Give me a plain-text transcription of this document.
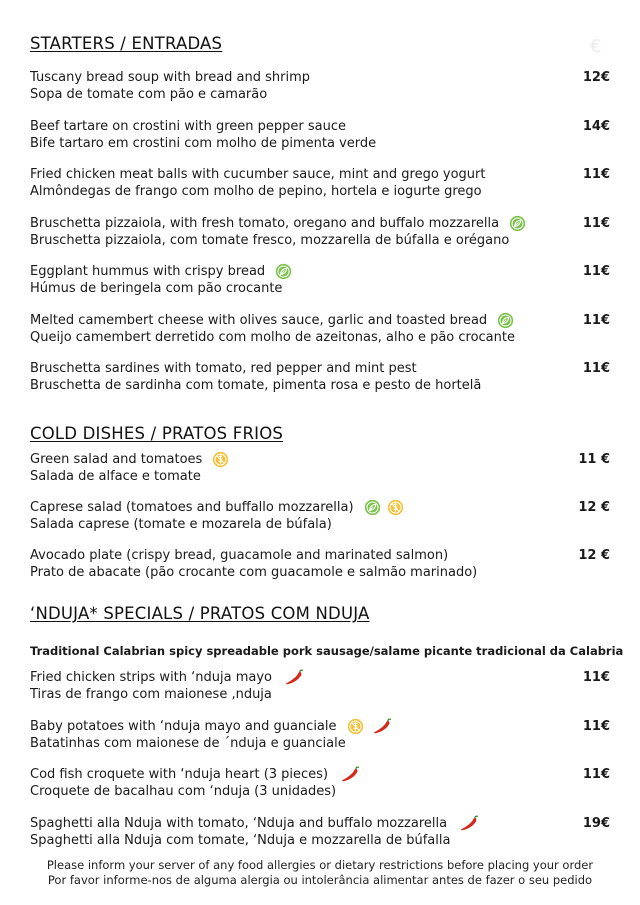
STARTERS / ENTRADAS	€
Tuscany bread soup with bread and shrimp
Sopa de tomate com pão e camarão
12€
Beef tartare on crostini with green pepper sauce
Bife tartaro em crostini com molho de pimenta verde
14€
Fried chicken meat balls with cucumber sauce, mint and grego yogurt
Almôndegas de frango com molho de pepino, hortela e iogurte grego
11€
Bruschetta pizzaiola, with fresh tomato, oregano and buffalo mozzarella
Bruschetta pizzaiola, com tomate fresco, mozzarella de búfalla e orégano
11€
Eggplant hummus with crispy bread
Húmus de beringela com pão crocante
11€
Melted camembert cheese with olives sauce, garlic and toasted bread
Queijo camembert derretido com molho de azeitonas, alho e pão crocante
11€
Bruschetta sardines with tomato, red pepper and mint pest
Bruschetta de sardinha com tomate, pimenta rosa e pesto de hortelã
11€
COLD DISHES / PRATOS FRIOS
Green salad and tomatoes
Salada de alface e tomate
11 €
Caprese salad (tomatoes and buffallo mozzarella)
Salada caprese (tomate e mozarela de búfala)
12 €
Avocado plate (crispy bread, guacamole and marinated salmon)
Prato de abacate (pão crocante com guacamole e salmão marinado)
12 €
‘NDUJA* SPECIALS / PRATOS COM NDUJA
Traditional Calabrian spicy spreadable pork sausage/salame picante tradicional da Calabria
Fried chicken strips with ‘nduja mayo
Tiras de frango com maionese ,nduja
11€
Baby potatoes with ‘nduja mayo and guanciale
Batatinhas com maionese de ´nduja e guanciale
11€
Cod fish croquete with ‘nduja heart (3 pieces)
Croquete de bacalhau com ‘nduja (3 unidades)
11€
Spaghetti alla Nduja with tomato, ‘Nduja and buffalo mozzarella
Spaghetti alla Nduja com tomate, ‘Nduja e mozzarella de búfalla
19€
Please inform your server of any food allergies or dietary restrictions before placing your order
Por favor informe-nos de alguma alergia ou intolerância alimentar antes de fazer o seu pedido
